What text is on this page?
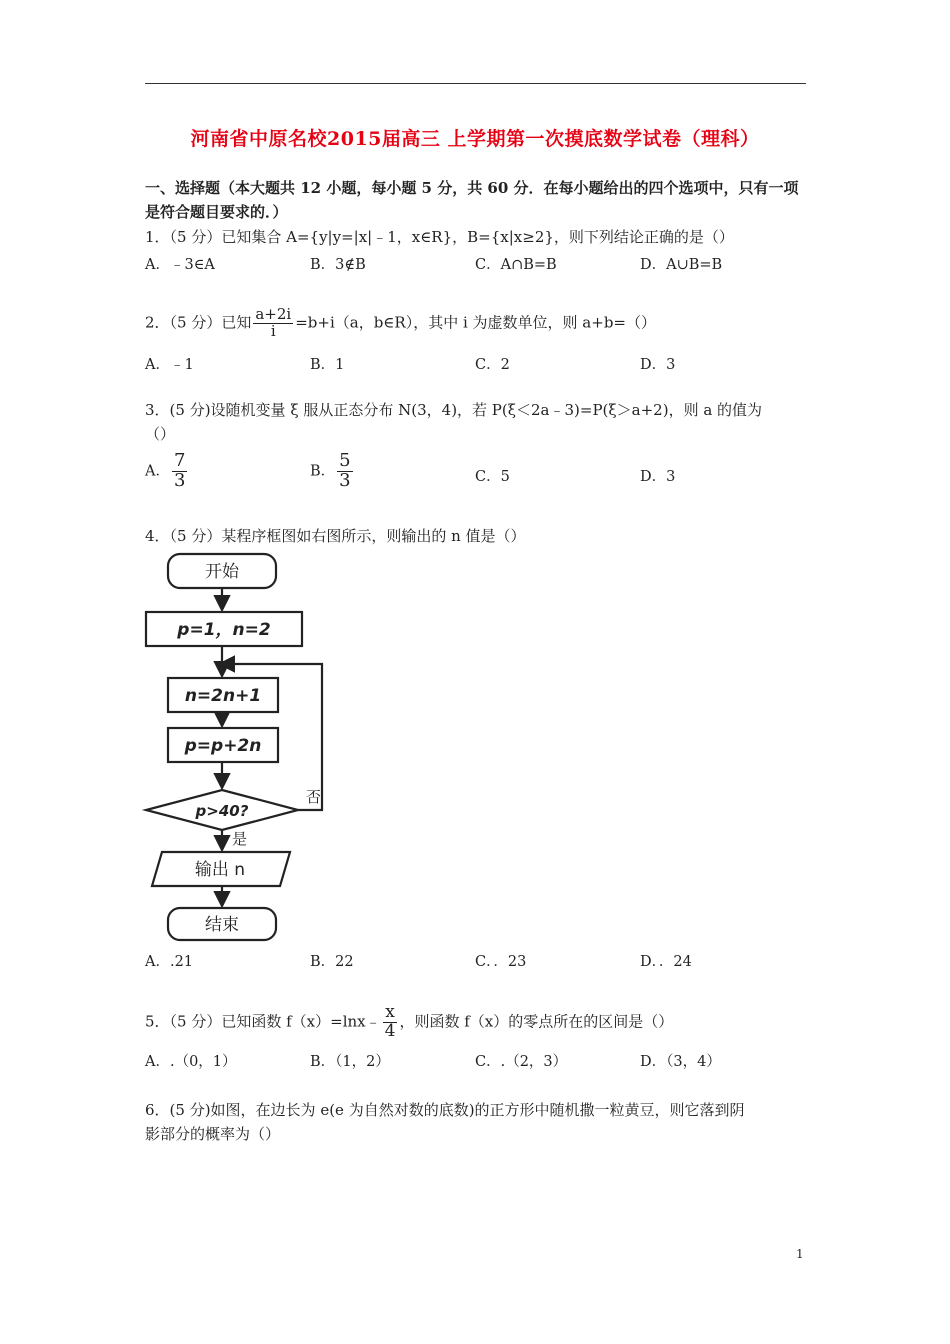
河南省中原名校2015届高三 上学期第一次摸底数学试卷（理科）
一、选择题（本大题共 12 小题，每小题 5 分，共 60 分．在每小题给出的四个选项中，只有一项
是符合题目要求的．）
1．（5 分）已知集合 A={y|y=|x|﹣1，x∈R}，B={x|x≥2}，则下列结论正确的是（）
A．﹣3∈A	B．3∉B	C．A∩B=B	D．A∪B=B
2．（5 分）已知 $\frac{a+2i}{i} =b+i(a$，b∈R），其中 i 为虚数单位，则 a+b=（）
A．﹣1	B．1	C．2	D．3
3．(5 分)设随机变量 ξ 服从正态分布 N(3，4)，若 P(ξ＜2a﹣3)=P(ξ＞a+2)，则 a 的值为
（）
A． $\frac{7}{3}$	B． $\frac{5}{3}$	C．5	D．3
4．（5 分）某程序框图如右图所示，则输出的 n 值是（）
开始
p=1，n=2
n=2n+1
p=p+2n
p>40?
否
是
输出 n
结束
A．.21	B．22	C．．23	D．．24
5．（5 分）已知函数 f（x）=lnx﹣ $\frac{x}{4}$ ，则函数 f（x）的零点所在的区间是（）
A．.（0，1）	B．（1，2）	C．.（2，3）	D．（3，4）
6．(5 分)如图，在边长为 e(e 为自然对数的底数)的正方形中随机撒一粒黄豆，则它落到阴
影部分的概率为（）
1
